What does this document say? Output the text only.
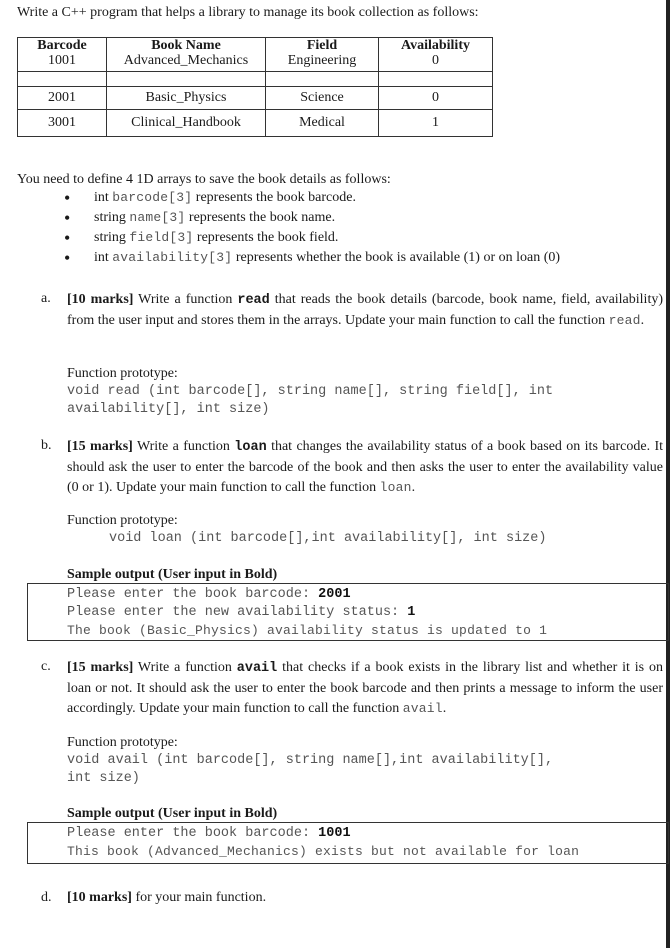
Write a C++ program that helps a library to manage its book collection as follows:
Barcode	Book Name	Field	Availability
1001	Advanced_Mechanics	Engineering	0

2001	Basic_Physics	Science	0
3001	Clinical_Handbook	Medical	1
You need to define 4 1D arrays to save the book details as follows:
• int barcode[3] represents the book barcode.
• string name[3] represents the book name.
• string field[3] represents the book field.
• int availability[3] represents whether the book is available (1) or on loan (0)
a. [10 marks] Write a function read that reads the book details (barcode, book name, field, availability) from the user input and stores them in the arrays. Update your main function to call the function read.

Function prototype:
void read (int barcode[], string name[], string field[], int
availability[], int size)
b. [15 marks] Write a function loan that changes the availability status of a book based on its barcode. It should ask the user to enter the barcode of the book and then asks the user to enter the availability value (0 or 1). Update your main function to call the function loan.

Function prototype:
void loan (int barcode[],int availability[], int size)
Sample output (User input in Bold)
Please enter the book barcode: 2001
Please enter the new availability status: 1
The book (Basic_Physics) availability status is updated to 1
c. [15 marks] Write a function avail that checks if a book exists in the library list and whether it is on loan or not. It should ask the user to enter the book barcode and then prints a message to inform the user accordingly. Update your main function to call the function avail.

Function prototype:
void avail (int barcode[], string name[],int availability[],
int size)
Sample output (User input in Bold)
Please enter the book barcode: 1001
This book (Advanced_Mechanics) exists but not available for loan
d. [10 marks] for your main function.
